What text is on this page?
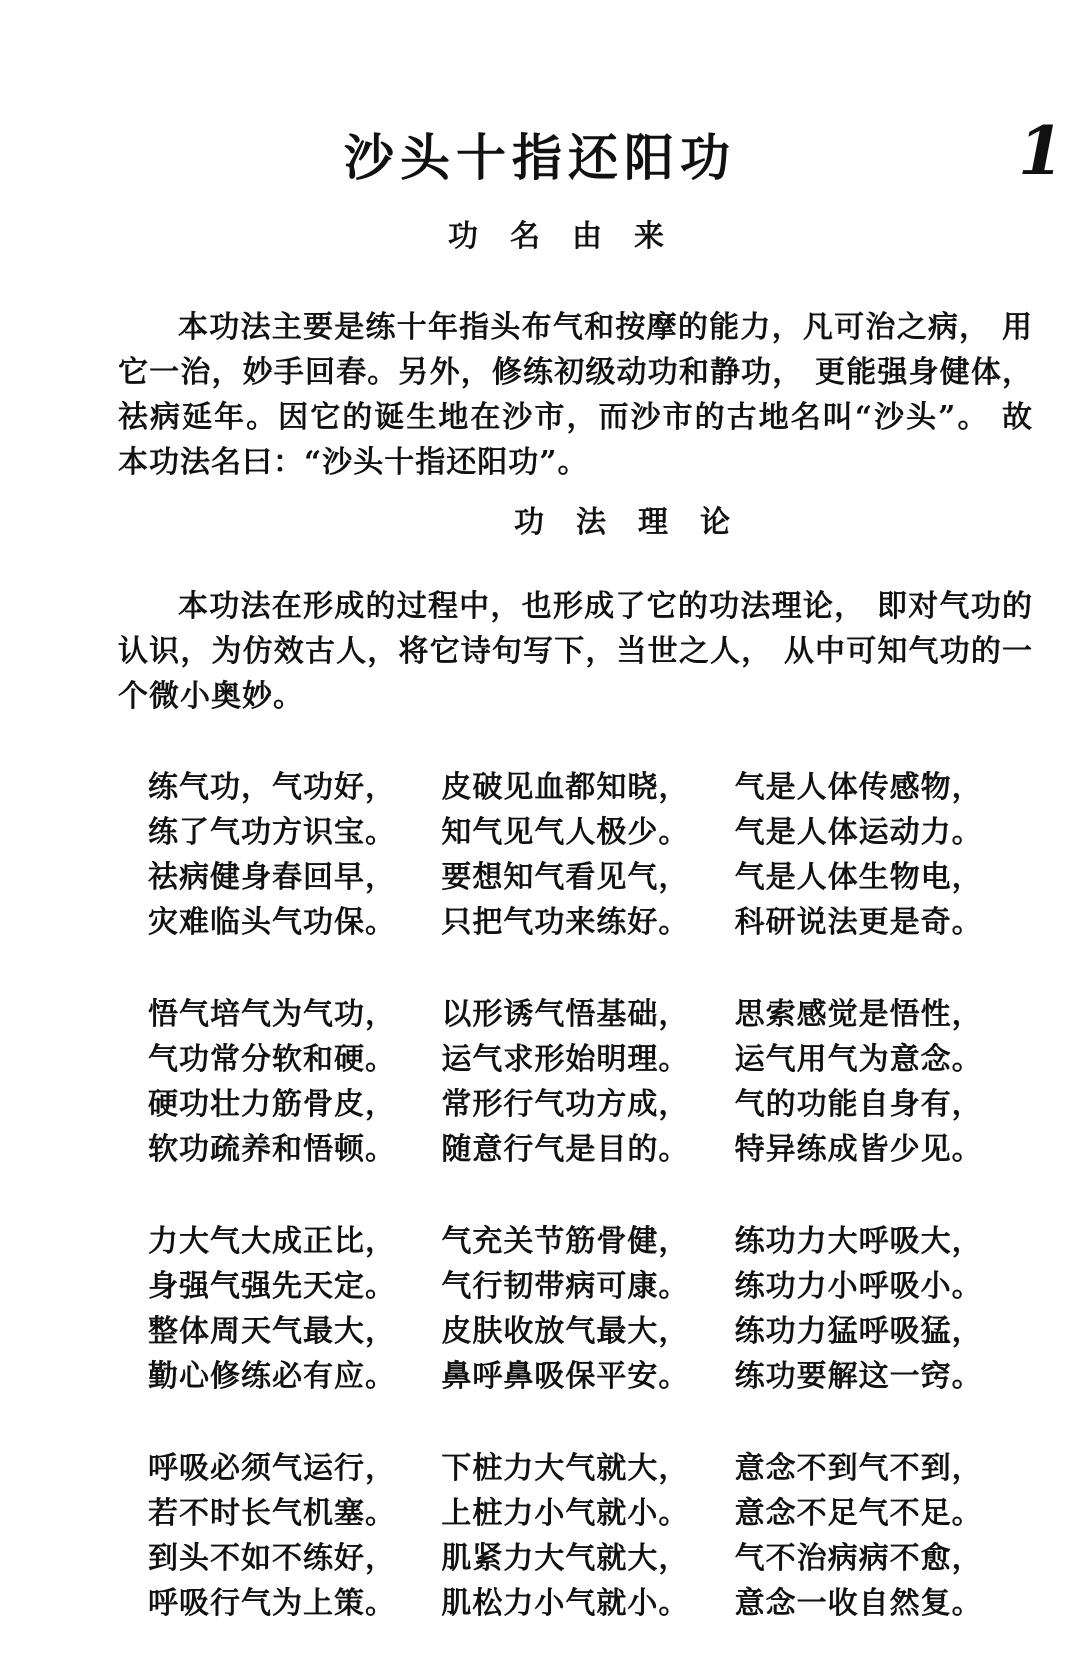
1
沙头十指还阳功
功名由来

本功法主要是练十年指头布气和按摩的能力，凡可治之病， 用它一治，妙手回春。另外，修练初级动功和静功， 更能强身健体，祛病延年。因它的诞生地在沙市，而沙市的古地名叫“沙头”。 故本功法名曰：“沙头十指还阳功”。

功法理论

本功法在形成的过程中，也形成了它的功法理论， 即对气功的认识，为仿效古人，将它诗句写下，当世之人， 从中可知气功的一个微小奥妙。

练气功，气功好，
练了气功方识宝。
祛病健身春回早，
灾难临头气功保。
皮破见血都知晓，
知气见气人极少。
要想知气看见气，
只把气功来练好。
气是人体传感物，
气是人体运动力。
气是人体生物电，
科研说法更是奇。
悟气培气为气功，
气功常分软和硬。
硬功壮力筋骨皮，
软功疏养和悟顿。
以形诱气悟基础，
运气求形始明理。
常形行气功方成，
随意行气是目的。
思索感觉是悟性，
运气用气为意念。
气的功能自身有，
特异练成皆少见。
力大气大成正比，
身强气强先天定。
整体周天气最大，
勤心修练必有应。
气充关节筋骨健，
气行韧带病可康。
皮肤收放气最大，
鼻呼鼻吸保平安。
练功力大呼吸大，
练功力小呼吸小。
练功力猛呼吸猛，
练功要解这一窍。
呼吸必须气运行，
若不时长气机塞。
到头不如不练好，
呼吸行气为上策。
下桩力大气就大，
上桩力小气就小。
肌紧力大气就大，
肌松力小气就小。
意念不到气不到，
意念不足气不足。
气不治病病不愈，
意念一收自然复。
